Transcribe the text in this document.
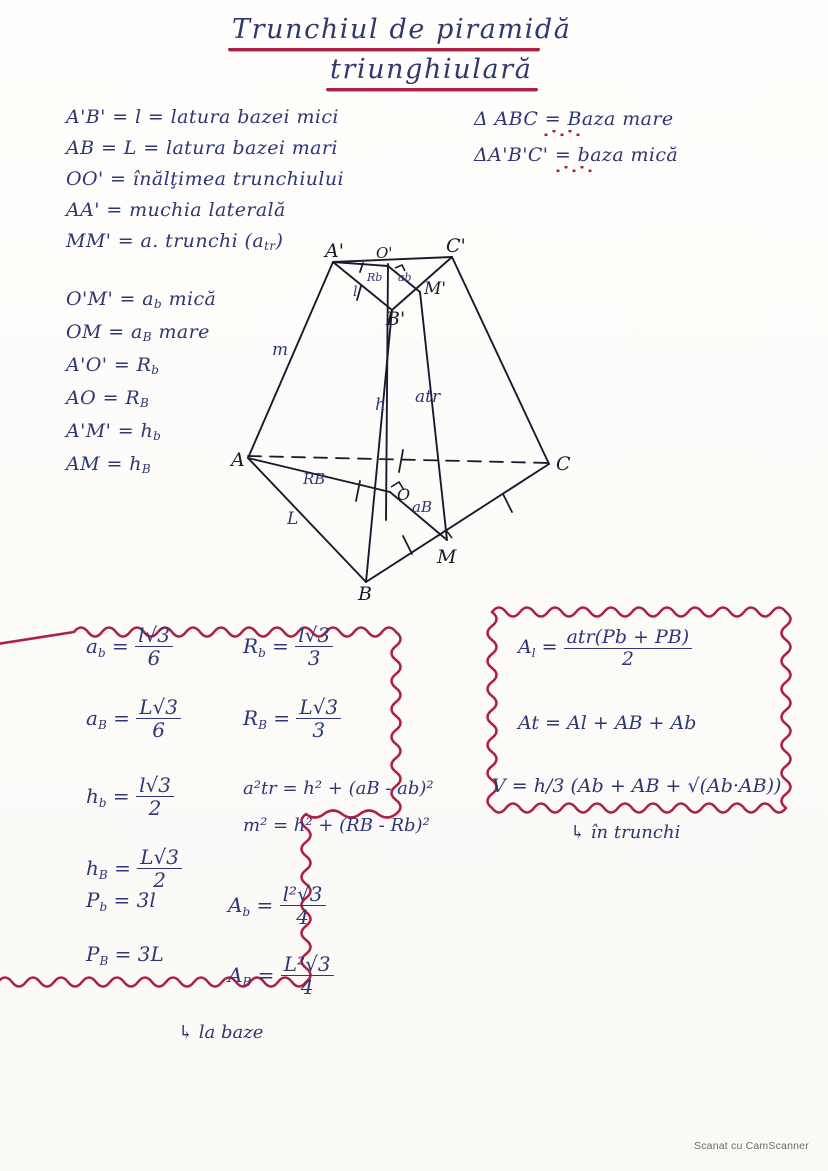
Trunchiul de piramidă
triunghiulară
A'B' = l = latura bazei mici
AB = L = latura bazei mari
OO' = înălţimea trunchiului
AA' = muchia laterală
MM' = a. trunchi $(a_{tr})$
$O'M' = a_b$ mică
OM = $a_B$ mare
$A'O' = R_b$
AO = $R_B$
$A'M' = h_b$
AM = $h_B$
Δ ABC = Baza mare
ΔA'B'C' = baza mică
A'	C'
B'
O'
M'
A	C
B
M
O
m
h atr
L
RB
aB
Rb ab
l
$a_b = \frac{l√3}{6}$
$a_B = \frac{L√3}{6}$
$h_b = \frac{l√3}{2}$
$h_B = \frac{L√3}{2}$
$R_b = \frac{l√3}{3}$
$R_B = \frac{L√3}{3}$
a²tr = h² + (aB - ab)²
m² = h² + (RB - Rb)²
$P_b = 3l$
$P_B = 3L$
$A_b = \frac{\text{l²√3}}{4}$
$A_B = \frac{\text{L²√3}}{4}$
↳ la baze
$A_l = \frac{\text{atr(Pb + PB)}}{2}$
At = Al + AB + Ab
V = h/3 (Ab + AB + √(Ab·AB))
↳ în trunchi
Scanat cu CamScanner
